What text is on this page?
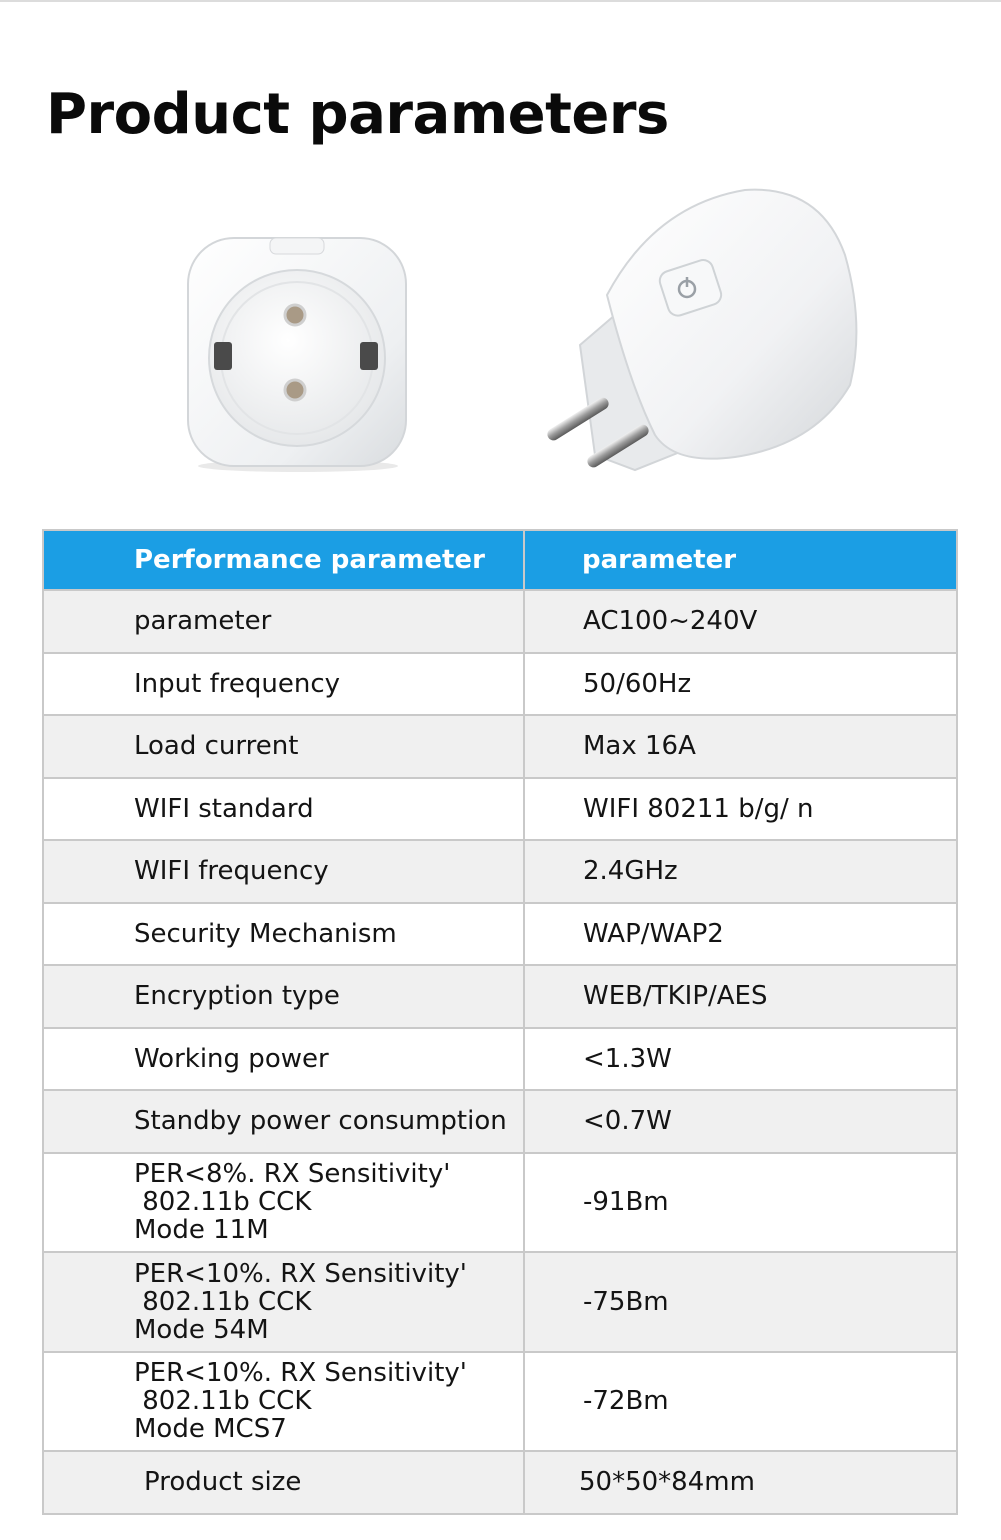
Product parameters
Performance parameter	parameter
parameter	AC100~240V
Input frequency	50/60Hz
Load current	Max 16A
WIFI standard	WIFI 80211 b/g/ n
WIFI frequency	2.4GHz
Security Mechanism	WAP/WAP2
Encryption type	WEB/TKIP/AES
Working power	<1.3W
Standby power consumption	<0.7W

PER<8%. RX Sensitivity'
802.11b CCK
Mode 11M	-91Bm

PER<10%. RX Sensitivity'
802.11b CCK
Mode 54M	-75Bm

PER<10%. RX Sensitivity'
802.11b CCK
Mode MCS7	-72Bm
Product size	50*50*84mm
